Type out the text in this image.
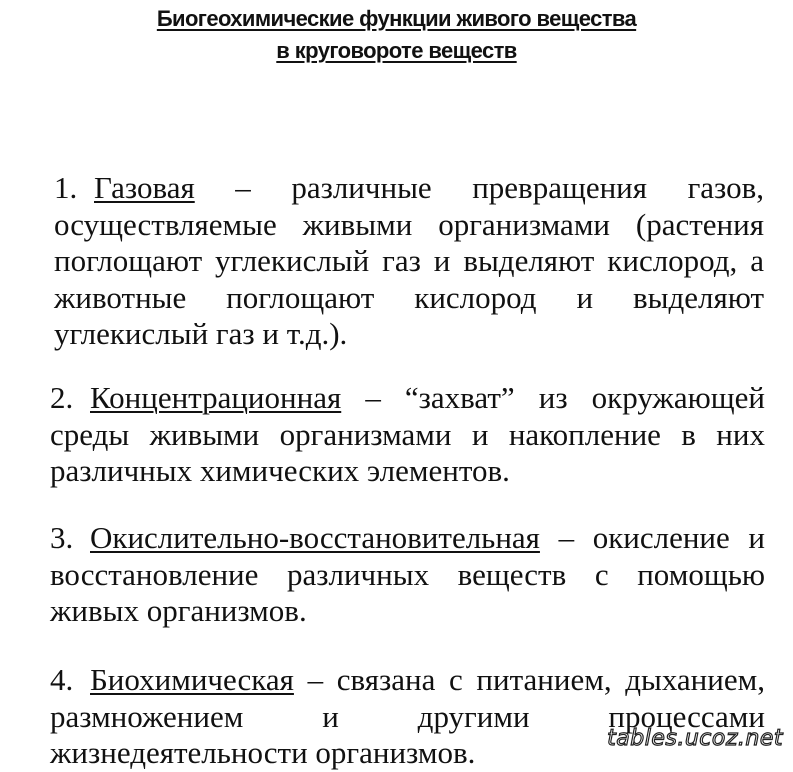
Биогеохимические функции живого вещества
в круговороте веществ
1. Газовая – различные превращения газов, осуществляемые живыми организмами (растения поглощают углекислый газ и выделяют кислород, а животные поглощают кислород и выделяют углекислый газ и т.д.).
2. Концентрационная – “захват” из окружающей среды живыми организмами и накопление в них различных химических элементов.
3. Окислительно-восстановительная – окисление и восстановление различных веществ с помощью живых организмов.
4. Биохимическая – связана с питанием, дыханием, размножением и другими процессами жизнедеятельности организмов.	tables.ucoz.net
